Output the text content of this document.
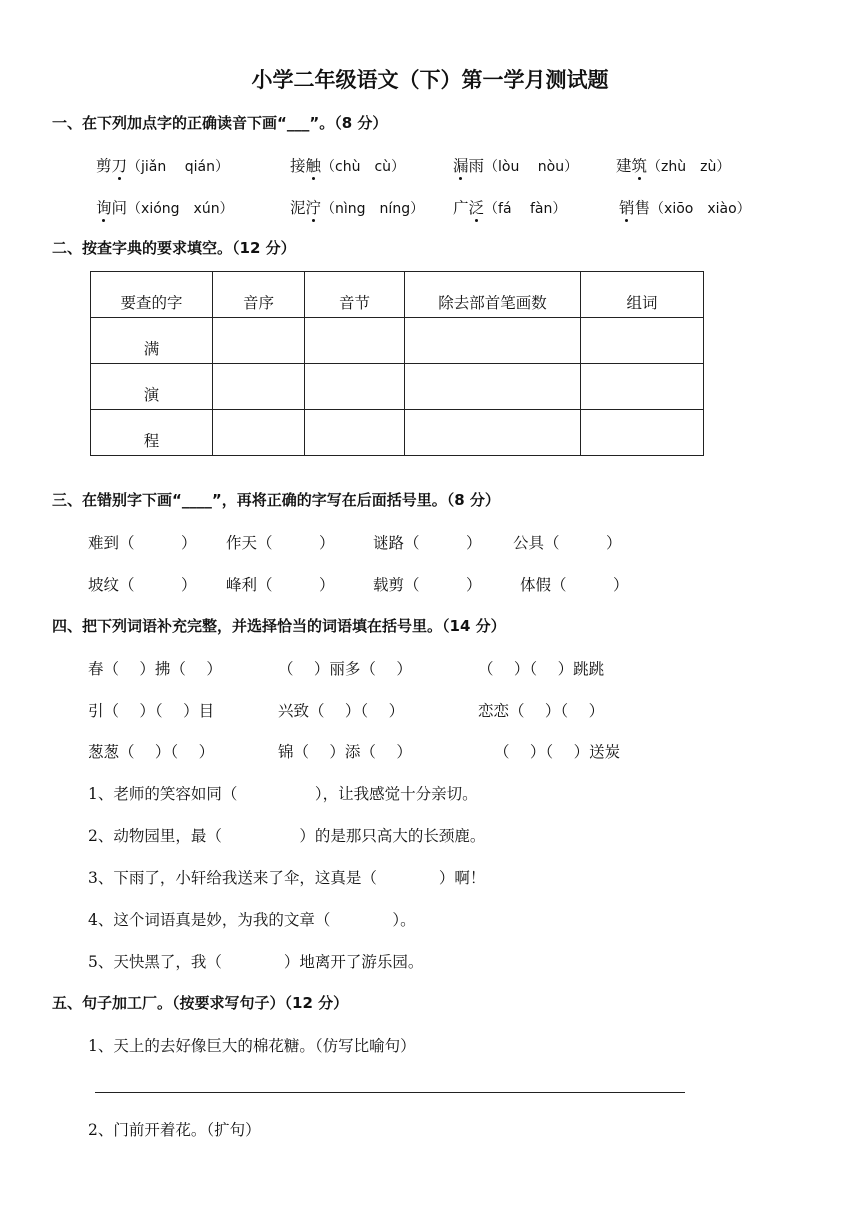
小学二年级语文（下）第一学月测试题
一、在下列加点字的正确读音下画“___”。（8 分）
剪刀（jiǎn　 qián）	接触（chù　cù）	漏雨（lòu　 nòu） 建筑（zhù　zù）
询问（xióng　xún）	泥泞（nìng　níng） 广泛（fá　 fàn）	销售（xiōo　xiào）
二、按查字典的要求填空。（12 分）
要查的字	音序	音节	除去部首笔画数	组词
满				
演				
程				
三、在错别字下画“____”，再将正确的字写在后面括号里。（8 分）
难到（　　　） 作天（　　　） 谜路（　　　） 公具（　　　）
坡纹（　　　） 峰利（　　　） 载剪（　　　） 体假（　　　）
四、把下列词语补充完整，并选择恰当的词语填在括号里。（14 分）
春（　 ）拂（　 ）	（　 ）丽多（　 ）	（　 ）（　 ）跳跳
引（　 ）（　 ）目	兴致（　 ）（　 ）	恋恋（　 ）（　 ）
葱葱（　 ）（　 ）	锦（　 ）添（　 ）	（　 ）（　 ）送炭
1、老师的笑容如同（　　　　　），让我感觉十分亲切。
2、动物园里，最（　　　　　）的是那只高大的长颈鹿。
3、下雨了，小轩给我送来了伞，这真是（　　　　）啊！
4、这个词语真是妙，为我的文章（　　　　）。
5、天快黑了，我（　　　　）地离开了游乐园。
五、句子加工厂。（按要求写句子）（12 分）
1、天上的去好像巨大的棉花糖。（仿写比喻句）
2、门前开着花。（扩句）
